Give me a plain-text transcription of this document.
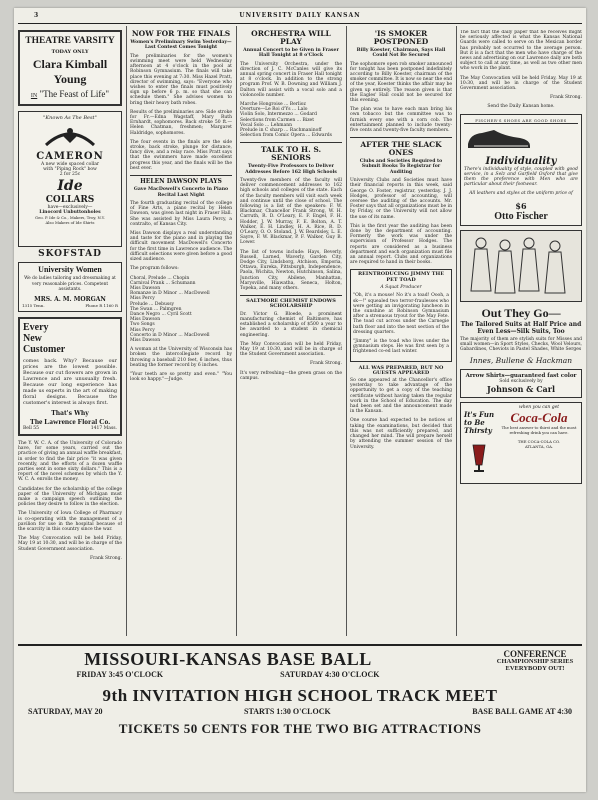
3	UNIVERSITY DAILY KANSAN
THEATRE VARSITY
TODAY ONLY
Clara Kimball Young
IN "The Feast of Life"
"Known As The Best"
CAMERON
A new wide spaced collar
with "Piping Rock" bow
2 for 25c
Ide
COLLARS
have—exclusively—
Linocord Unbuttonholes
Geo. P. Ide & Co., Makers, Troy, N.Y.
Also Makers of Ide Shirts
SKOFSTAD
University Women

We do ladies tailoring and dressmaking at very reasonable prices. Competent assistants.

MRS. A. M. MORGAN
1315 Tenn.	Phone R 1160 R
Every
New
Customer

comes back. Why? Because our prices are the lowest possible. Because our cut flowers are grown in Lawrence and are unusually fresh. Because our long experience has made us experts in the art of making floral designs. Because the customer's interest is always first.

That's Why
The Lawrence Floral Co.
Bell 55	1417 Mass.

The Y. W. C. A. of the University of Colorado have, for some years, carried out the practice of giving an annual waffle breakfast, in order to find the fair price "it was given recently, and the efforts of a dozen waffle parties sent in some sixty dollars." This is a report of the novel schemes by which the Y. W. C. A. enrolls the money.

Candidates for the scholarship of the college paper of the University of Michigan must make a campaign speech outlining the policies they desire to follow in the election.

The University of Iowa College of Pharmacy is co-operating with the management of a pavilion for use in the hospital because of the scarcity in this country since the war.

The May Convocation will be held Friday, May 19 at 10:30, and will be in charge of the Student Government association.

Frank Strong.

NOW FOR THE FINALS
Women's Preliminary Swim Yesterday—Last Contest Comes Tonight

The preliminaries for the women's swimming meet were held Wednesday afternoon at 4 o'clock in the pool at Robinson Gymnasium. The finals will take place this evening at 7:30. Miss Hazel Pratt, director of swimming, says: "Everyone who wishes to enter the finals must positively sign up before 6 p. m. so that she can schedule them." She advises women to bring their heavy bath robes.

Results of the preliminaries are: Side stroke for Fr.—Edna Wagstaff, Mary Ruth Ernhardt, sophomores. Back stroke 50 ft.—Helen Chatman, freshmen; Margaret Haldridge, sophomores.

The four events in the finals are the side stroke, back stroke, plunge for distance, fancy dive, and a relay race. Miss Pratt says that the swimmers have made excellent progress this year, and the finals will be the best ever.

HELEN DAWSON PLAYS
Gave MacDowell's Concerto in Piano Recital Last Night

The fourth graduating recital of the college of Fine Arts, a piano recital by Helen Dawson, was given last night in Fraser Hall. She was assisted by Miss Laura Percy, a contralto, of Kansas City.

Miss Dawson displays a real understanding and taste for the piano and in playing the difficult movement MacDowell's Concerto for the first time in Lawrence audience. The difficult selections were given before a good sized audience.

The program follows:

Choral, Prelude ... Chopin
Carnival Prank ... Schumann
Miss Dawson
Romanze in D Minor ... MacDowell
Miss Percy
Prelude ... Debussy
The Swan ... Palmgren
Dance Negro ... Cyril Scott
Miss Dawson
Two Songs
Miss Percy
Concerto in D Minor ... MacDowell
Miss Dawson

A woman at the University of Wisconsin has broken the intercollegiate record by throwing a baseball 210 feet, 6 inches, thus beating the former record by 6 inches.

"Your teeth are so pretty and even." "You look so happy."—Judge.

ORCHESTRA WILL PLAY
Annual Concert to be Given in Fraser Hall Tonight at 8 o'Clock

The University Orchestra, under the direction of J. C. McCanles will give its annual spring concert in Fraser Hall tonight at 8 o'clock. In addition to the strong program Prof. W. B. Downing and William J. Dalton will assist with a vocal solo and a violoncello number.

Marche Hongroise ... Berlioz
Overture—Le Roi d'Ys ... Lalo
Violin Solo, Intermezzo ... Godard
Selections from Carmen ... Bizet
Vocal Solo ... Lehmann
Prelude in C sharp ... Rachmaninoff
Selection from Comic Opera ... Edwards

TALK TO H. S. SENIORS
Twenty-Five Professors to Deliver Addresses Before 162 High Schools

Twenty-five members of the faculty will deliver commencement addresses to 162 high schools and colleges of the state. Each of the faculty members will visit each week and continue until the close of school. The following is a list of the speakers: F. W. Blackmar, Chancellor Frank Strong, W. H. Carruth, R. D. O'Leary, E. F. Engel, F. H. Hodder, J. W. Murray, F. E. Bolton, A. T. Walker, E. H. Lindley, H. A. Rice, R. D. O'Leary, O. O. Stoland, J. W. Beardsley, L. E. Sayre, F. W. Blackmar, P. F. Walker, Guy B. Lower.

The list of towns include: Hays, Beverly, Russell, Larned, Waverly, Garden City, Dodge City, Lindsborg, Atchison, Emporia, Ottawa, Eureka, Pittsburgh, Independence, Paola, Wichita, Newton, Hutchinson, Salina, Junction City, Abilene, Manhattan, Marysville, Hiawatha, Seneca, Holton, Topeka, and many others.

SALTMORE CHEMIST ENDOWS SCHOLARSHIP

Dr. Victor G. Bloede, a prominent manufacturing chemist of Baltimore, has established a scholarship of $500 a year to be awarded to a student in chemical engineering.

The May Convocation will be held Friday, May 19 at 10:30, and will be in charge of the Student Government association.

Frank Strong.

It's very refreshing—the green grass on the campus.

'IS SMOKER POSTPONED
Billy Koester, Chairman, Says Hall Could Not Be Secured

The sophomore open rob smoker announced for tonight has been postponed indefinitely according to Billy Koester, chairman of the smoker committee. It is now so near the end of the year, Koester thinks the affair may be given up entirely. The reason given is that the Eagles' Hall could not be secured for this evening.

The plan was to have each man bring his own tobacco but the committee was to furnish every one with a corn cob. The entertainment planned to include twenty-five cents and twenty-five faculty members.

AFTER THE SLACK ONES
Clubs and Societies Required to Submit Books To Registrar for Auditing

University Clubs and Societies must have their financial reports in this week, said George O. Foster, registrar, yesterday. J. J. Hodges, professor of accounting, will oversee the auditing of the accounts. Mr. Foster says that all organizations must be in by Friday, or the University will not allow the use of its name.

This is the first year the auditing has been done by the department of accounting. Formerly the work was under the supervision of Professor Hodges. The reports are considered as a business department and each organization must file an annual report. Clubs and organizations are required to hand in their books.

REINTRODUCING JIMMY THE PET TOAD
A Squat Producer

"Oh, it's a mouse! No it's a toad! Oooh, a sk—!" squealed two terror-fraulesses who were getting an invigorating luncheon in the sunshine at Robinson Gymnasium after a strenuous tryout for the May Fete. The toad cut across under the Carnegie bath floor and into the next section of the dressing quarters.

"Jimmy" is the toad who lives under the gymnasium steps. He was first seen by a frightened co-ed last winter.

ALL WAS PREPARED, BUT NO GUESTS APPEARED

So one appeared at the Chancellor's office yesterday to take advantage of the opportunity to get a copy of the teaching certificate without having taken the regular work in the School of Education. The day had been set and the announcement made in the Kansan.

One course had expected to be notices of taking the examinations, but decided that this was not sufficiently prepared, and changed her mind. The will prepare herself by attending the summer session of the University.

The fact that the daily paper that he receives might be seriously affected is what the Kansas National Guards were called to serve on the Mexican border has probably not occurred to the average person. But it is a fact that the men who have charge of the news and advertising on our Lawrence daily are both subject to call at any time, as well as two other men who work in the plant.

The May Convocation will be held Friday, May 19 at 10:30, and will be in charge of the Student Government association.

Frank Strong.

Send the Daily Kansan home.

FISCHER'S SHOES ARE GOOD SHOES
Individuality

There's individuality of style, coupled with good service, in a Selz and Garfield Oxford that give them the preference with Men who are particular about their footwear.

All leathers and styles at the uniform price of

$6
Otto Fischer
Out They Go—
The Tailored Suits at Half Price and Even Less—Silk Suits, Too

The majority of them are stylish suits for Misses and small women—in Sport Styles, Checks, Wool Velours, Gabardines, Cheviots in Pastel Shades, White Serges

Innes, Bullene & Hackman
Arrow Shirts—guaranteed fast color
Sold exclusively by
Johnson & Carl
It's Fun
to Be
Thirsty
when you can get
Coca-Cola

The best answer to thirst and the most refreshing drink you can have.

THE COCA-COLA CO.
ATLANTA, GA.
MISSOURI-KANSAS BASE BALL	CONFERENCE
CHAMPIONSHIP SERIES
EVERYBODY OUT!
FRIDAY 3:45 O'CLOCK	SATURDAY 4:30 O'CLOCK
9th INVITATION HIGH SCHOOL TRACK MEET
SATURDAY, MAY 20	STARTS 1:30 O'CLOCK	BASE BALL GAME AT 4:30
TICKETS 50 CENTS FOR THE TWO BIG ATTRACTIONS
